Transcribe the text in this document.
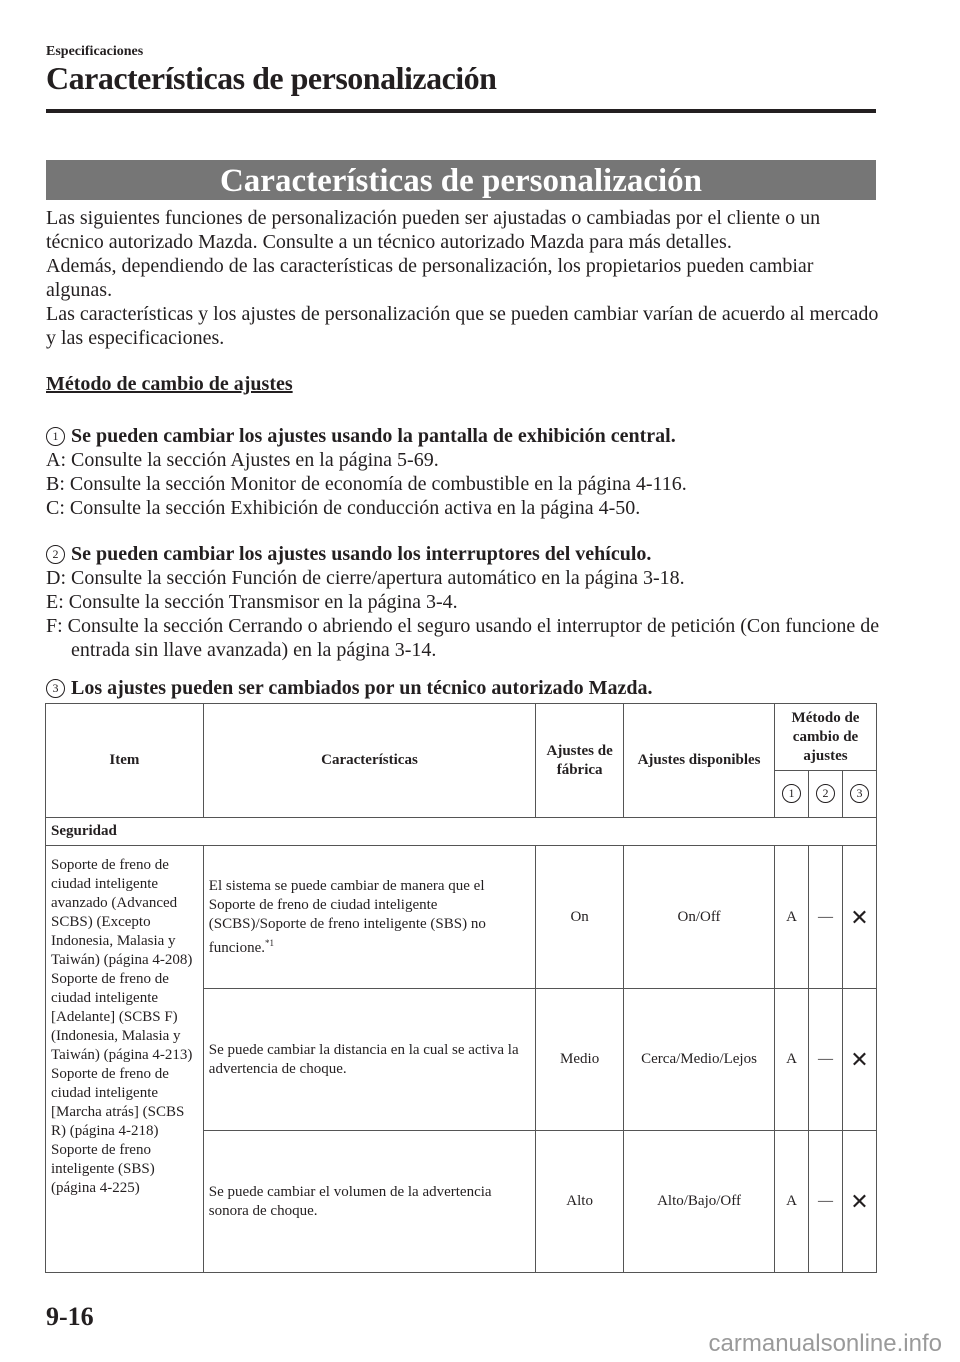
Especificaciones
Características de personalización
Características de personalización
Las siguientes funciones de personalización pueden ser ajustadas o cambiadas por el cliente o un técnico autorizado Mazda. Consulte a un técnico autorizado Mazda para más detalles.
Además, dependiendo de las características de personalización, los propietarios pueden cambiar algunas.
Las características y los ajustes de personalización que se pueden cambiar varían de acuerdo al mercado y las especificaciones.
Método de cambio de ajustes
1 Se pueden cambiar los ajustes usando la pantalla de exhibición central.
A: Consulte la sección Ajustes en la página 5-69.
B: Consulte la sección Monitor de economía de combustible en la página 4-116.
C: Consulte la sección Exhibición de conducción activa en la página 4-50.
2 Se pueden cambiar los ajustes usando los interruptores del vehículo.
D: Consulte la sección Función de cierre/apertura automático en la página 3-18.
E: Consulte la sección Transmisor en la página 3-4.
F: Consulte la sección Cerrando o abriendo el seguro usando el interruptor de petición (Con funcione de entrada sin llave avanzada) en la página 3-14.
3 Los ajustes pueden ser cambiados por un técnico autorizado Mazda.
Item	Características	Ajustes de fábrica	Ajustes disponibles	Método de cambio de ajustes		
				1	2	3
Seguridad						
Soporte de freno de ciudad inteligente avanzado (Advanced SCBS) (Excepto Indonesia, Malasia y Taiwán) (página 4-208) Soporte de freno de ciudad inteligente [Adelante] (SCBS F) (Indonesia, Malasia y Taiwán) (página 4-213) Soporte de freno de ciudad inteligente [Marcha atrás] (SCBS R) (página 4-218) Soporte de freno inteligente (SBS) (página 4-225)	El sistema se puede cambiar de manera que el Soporte de freno de ciudad inteligente (SCBS)/Soporte de freno inteligente (SBS) no funcione.$^{*1}$	On	On/Off	A	—	✕
	Se puede cambiar la distancia en la cual se activa la advertencia de choque.	Medio	Cerca/Medio/Lejos	A	—	✕
	Se puede cambiar el volumen de la advertencia sonora de choque.	Alto	Alto/Bajo/Off	A	—	✕
9-16
carmanualsonline.info
